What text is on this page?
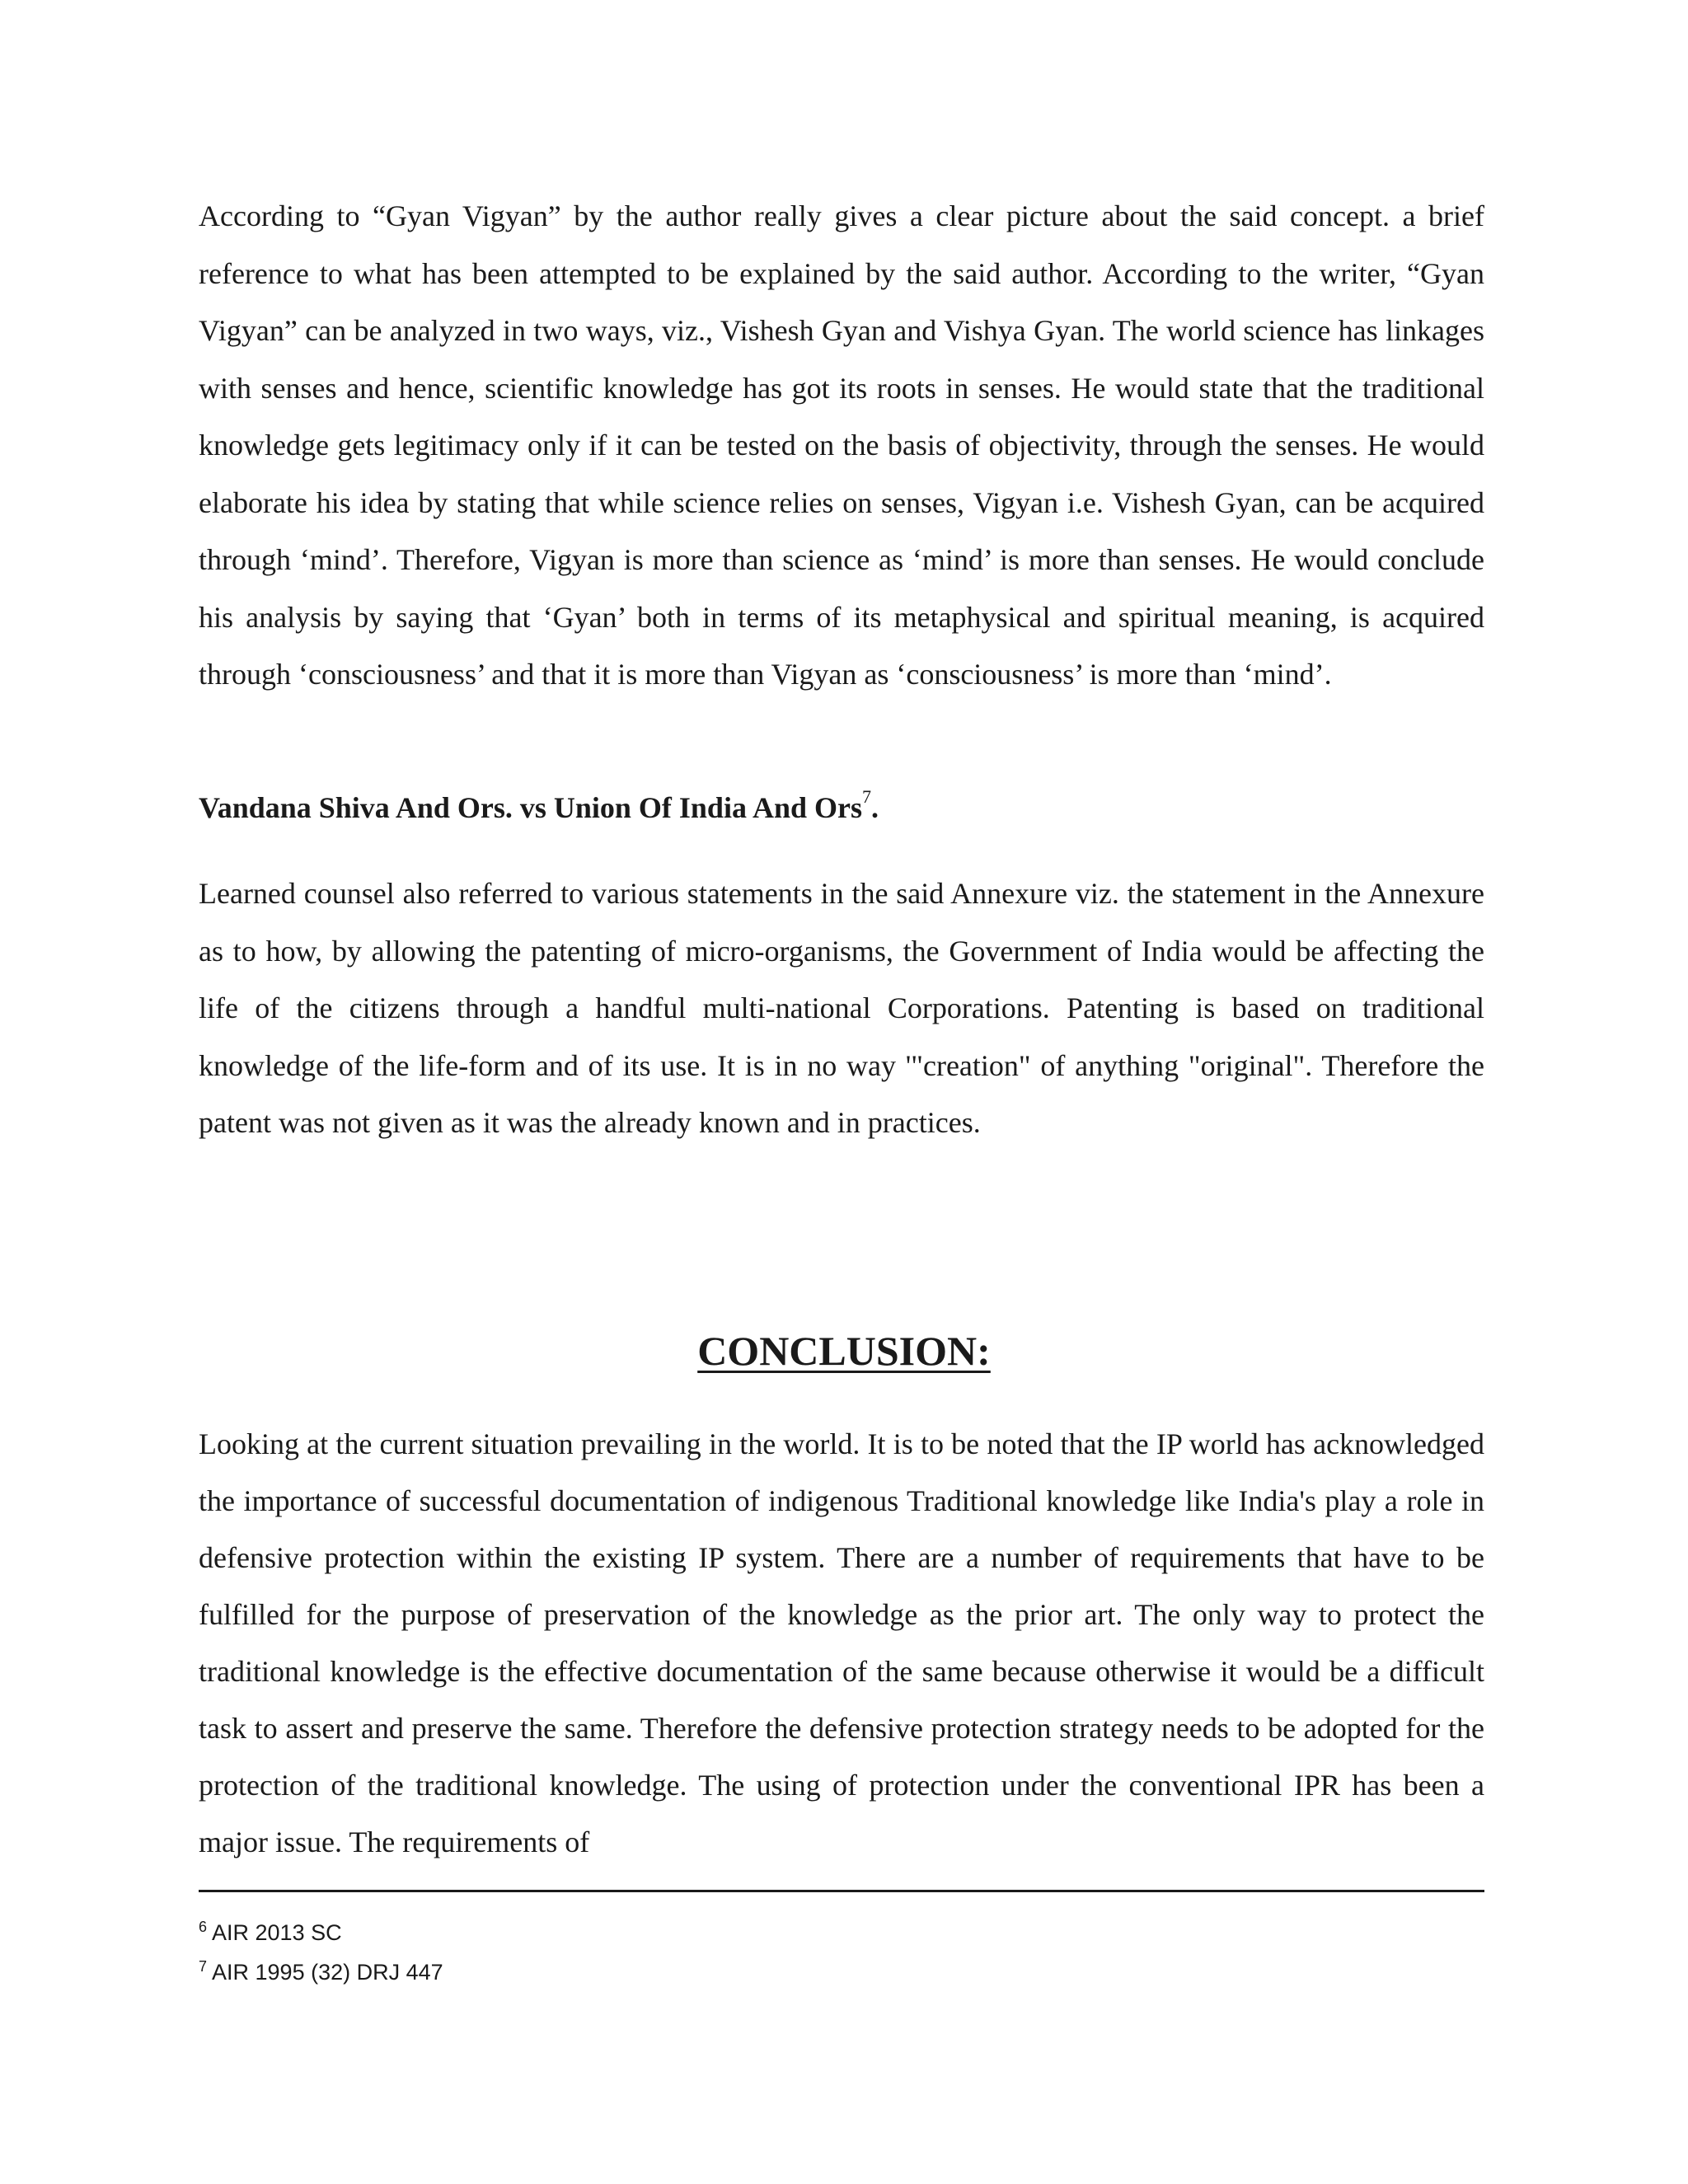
According to “Gyan Vigyan” by the author really gives a clear picture about the said concept. a brief reference to what has been attempted to be explained by the said author. According to the writer, “Gyan Vigyan” can be analyzed in two ways, viz., Vishesh Gyan and Vishya Gyan. The world science has linkages with senses and hence, scientific knowledge has got its roots in senses. He would state that the traditional knowledge gets legitimacy only if it can be tested on the basis of objectivity, through the senses. He would elaborate his idea by stating that while science relies on senses, Vigyan i.e. Vishesh Gyan, can be acquired through ‘mind’. Therefore, Vigyan is more than science as ‘mind’ is more than senses. He would conclude his analysis by saying that ‘Gyan’ both in terms of its metaphysical and spiritual meaning, is acquired through ‘consciousness’ and that it is more than Vigyan as ‘consciousness’ is more than ‘mind’.

Vandana Shiva And Ors. vs Union Of India And Ors$^7$.

Learned counsel also referred to various statements in the said Annexure viz. the statement in the Annexure as to how, by allowing the patenting of micro-organisms, the Government of India would be affecting the life of the citizens through a handful multi-national Corporations. Patenting is based on traditional knowledge of the life-form and of its use. It is in no way '"creation" of anything "original". Therefore the patent was not given as it was the already known and in practices.

CONCLUSION:

Looking at the current situation prevailing in the world. It is to be noted that the IP world has acknowledged the importance of successful documentation of indigenous Traditional knowledge like India's play a role in defensive protection within the existing IP system. There are a number of requirements that have to be fulfilled for the purpose of preservation of the knowledge as the prior art. The only way to protect the traditional knowledge is the effective documentation of the same because otherwise it would be a difficult task to assert and preserve the same. Therefore the defensive protection strategy needs to be adopted for the protection of the traditional knowledge. The using of protection under the conventional IPR has been a major issue. The requirements of

$^6$ AIR 2013 SC
$^7$ AIR 1995 (32) DRJ 447
